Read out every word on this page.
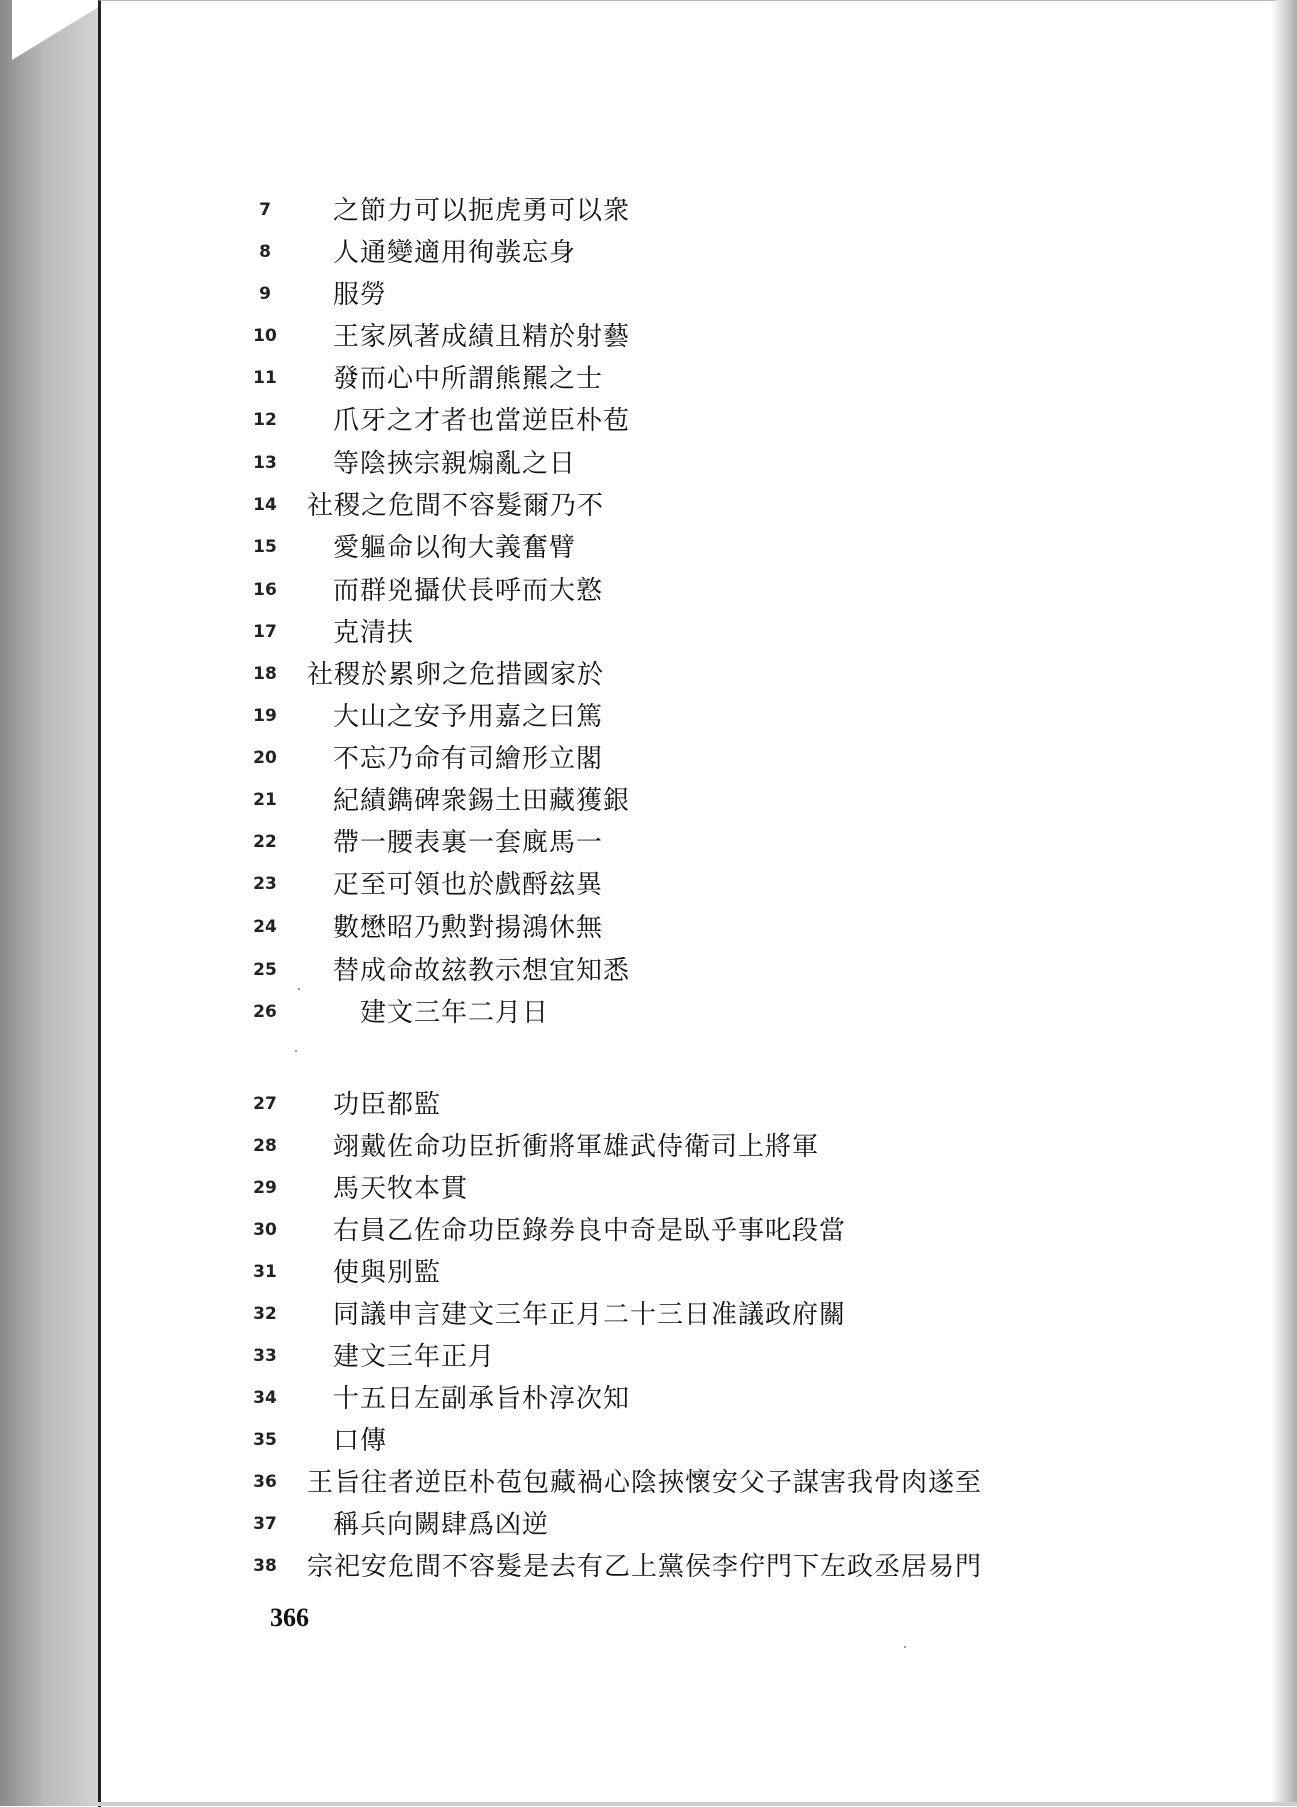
7	之節力可以扼虎勇可以衆
8	人通變適用徇彂忘身
9	服勞
10	王家夙著成績且精於射藝
11	發而心中所謂熊羆之士
12	爪牙之才者也當逆臣朴苞
13	等陰挾宗親煽亂之日
14	社稷之危間不容髮爾乃不
15	愛軀命以徇大義奮臂
16	而群兇攝伏長呼而大憝
17	克清扶
18	社稷於累卵之危措國家於
19	大山之安予用嘉之曰篤
20	不忘乃命有司繪形立閣
21	紀績鐫碑衆錫土田藏獲銀
22	帶一腰表裏一套廐馬一
23	疋至可領也於戲酹玆異
24	數懋昭乃勲對揚鴻休無
25	替成命故玆教示想宜知悉
26	建文三年二月日
27	功臣都監
28	翊戴佐命功臣折衝將軍雄武侍衛司上將軍
29	馬天牧本貫
30	右員乙佐命功臣錄券良中奇是臥乎事叱段當
31	使與別監
32	同議申言建文三年正月二十三日准議政府關
33	建文三年正月
34	十五日左副承旨朴淳次知
35	口傳
36	王旨往者逆臣朴苞包藏禍心陰挾懷安父子謀害我骨肉遂至
37	稱兵向闕肆爲凶逆
38	宗祀安危間不容髮是去有乙上黨侯李佇門下左政丞居易門
366
